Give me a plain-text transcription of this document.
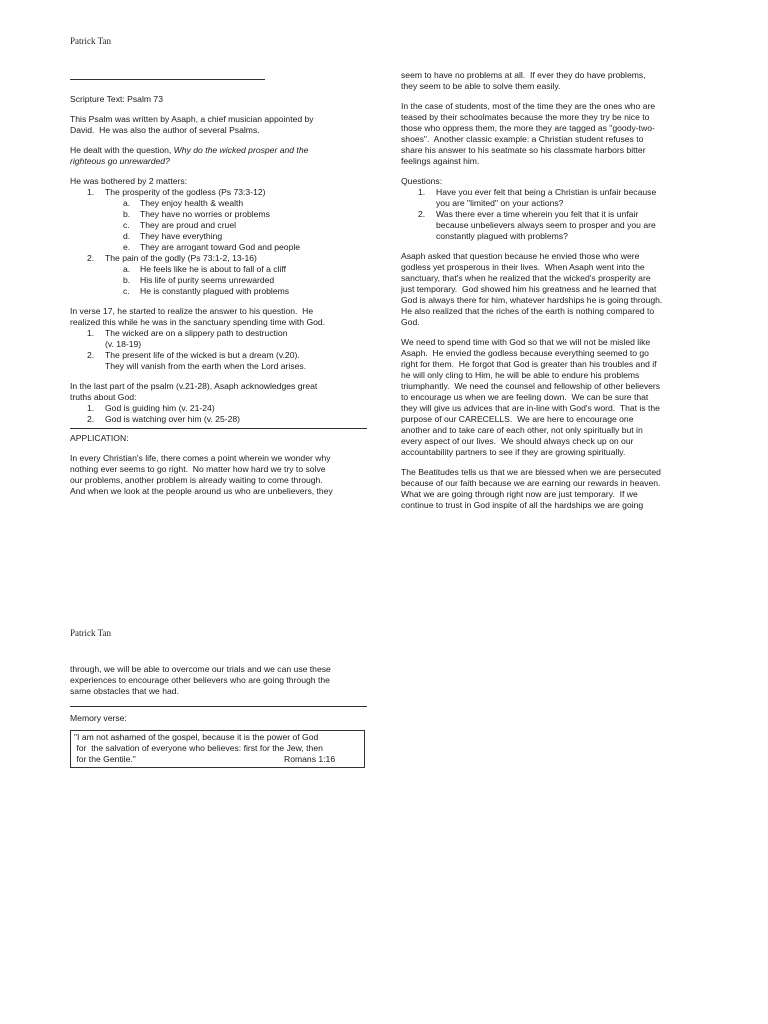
Patrick Tan

Scripture Text: Psalm 73

This Psalm was written by Asaph, a chief musician appointed by
David.  He was also the author of several Psalms.

He dealt with the question, Why do the wicked prosper and the
righteous go unrewarded?

He was bothered by 2 matters:
1. The prosperity of the godless (Ps 73:3-12)
a. They enjoy health & wealth
b. They have no worries or problems
c. They are proud and cruel
d. They have everything
e. They are arrogant toward God and people
2. The pain of the godly (Ps 73:1-2, 13-16)
a. He feels like he is about to fall of a cliff
b. His life of purity seems unrewarded
c. He is constantly plagued with problems
In verse 17, he started to realize the answer to his question.  He
realized this while he was in the sanctuary spending time with God.
1. The wicked are on a slippery path to destruction
(v. 18-19)
2. The present life of the wicked is but a dream (v.20).
They will vanish from the earth when the Lord arises.
In the last part of the psalm (v.21-28), Asaph acknowledges great
truths about God:
1. God is guiding him (v. 21-24)
2. God is watching over him (v. 25-28)

APPLICATION:

In every Christian's life, there comes a point wherein we wonder why
nothing ever seems to go right.  No matter how hard we try to solve
our problems, another problem is already waiting to come through.
And when we look at the people around us who are unbelievers, they

seem to have no problems at all.  If ever they do have problems,
they seem to be able to solve them easily.

In the case of students, most of the time they are the ones who are
teased by their schoolmates because the more they try be nice to
those who oppress them, the more they are tagged as "goody-two-
shoes".  Another classic example: a Christian student refuses to
share his answer to his seatmate so his classmate harbors bitter
feelings against him.

Questions:
1. Have you ever felt that being a Christian is unfair because
you are "limited" on your actions?
2. Was there ever a time wherein you felt that it is unfair
because unbelievers always seem to prosper and you are
constantly plagued with problems?

Asaph asked that question because he envied those who were
godless yet prosperous in their lives.  When Asaph went into the
sanctuary, that's when he realized that the wicked's prosperity are
just temporary.  God showed him his greatness and he learned that
God is always there for him, whatever hardships he is going through.
He also realized that the riches of the earth is nothing compared to
God.

We need to spend time with God so that we will not be misled like
Asaph.  He envied the godless because everything seemed to go
right for them.  He forgot that God is greater than his troubles and if
he will only cling to Him, he will be able to endure his problems
triumphantly.  We need the counsel and fellowship of other believers
to encourage us when we are feeling down.  We can be sure that
they will give us advices that are in-line with God's word.  That is the
purpose of our CARECELLS.  We are here to encourage one
another and to take care of each other, not only spiritually but in
every aspect of our lives.  We should always check up on our
accountability partners to see if they are growing spiritually.

The Beatitudes tells us that we are blessed when we are persecuted
because of our faith because we are earning our rewards in heaven.
What we are going through right now are just temporary.  If we
continue to trust in God inspite of all the hardships we are going

Patrick Tan
through, we will be able to overcome our trials and we can use these
experiences to encourage other believers who are going through the
same obstacles that we had.
Memory verse:
"I am not ashamed of the gospel, because it is the power of God
for  the salvation of everyone who believes: first for the Jew, then
for the Gentile."	Romans 1:16
